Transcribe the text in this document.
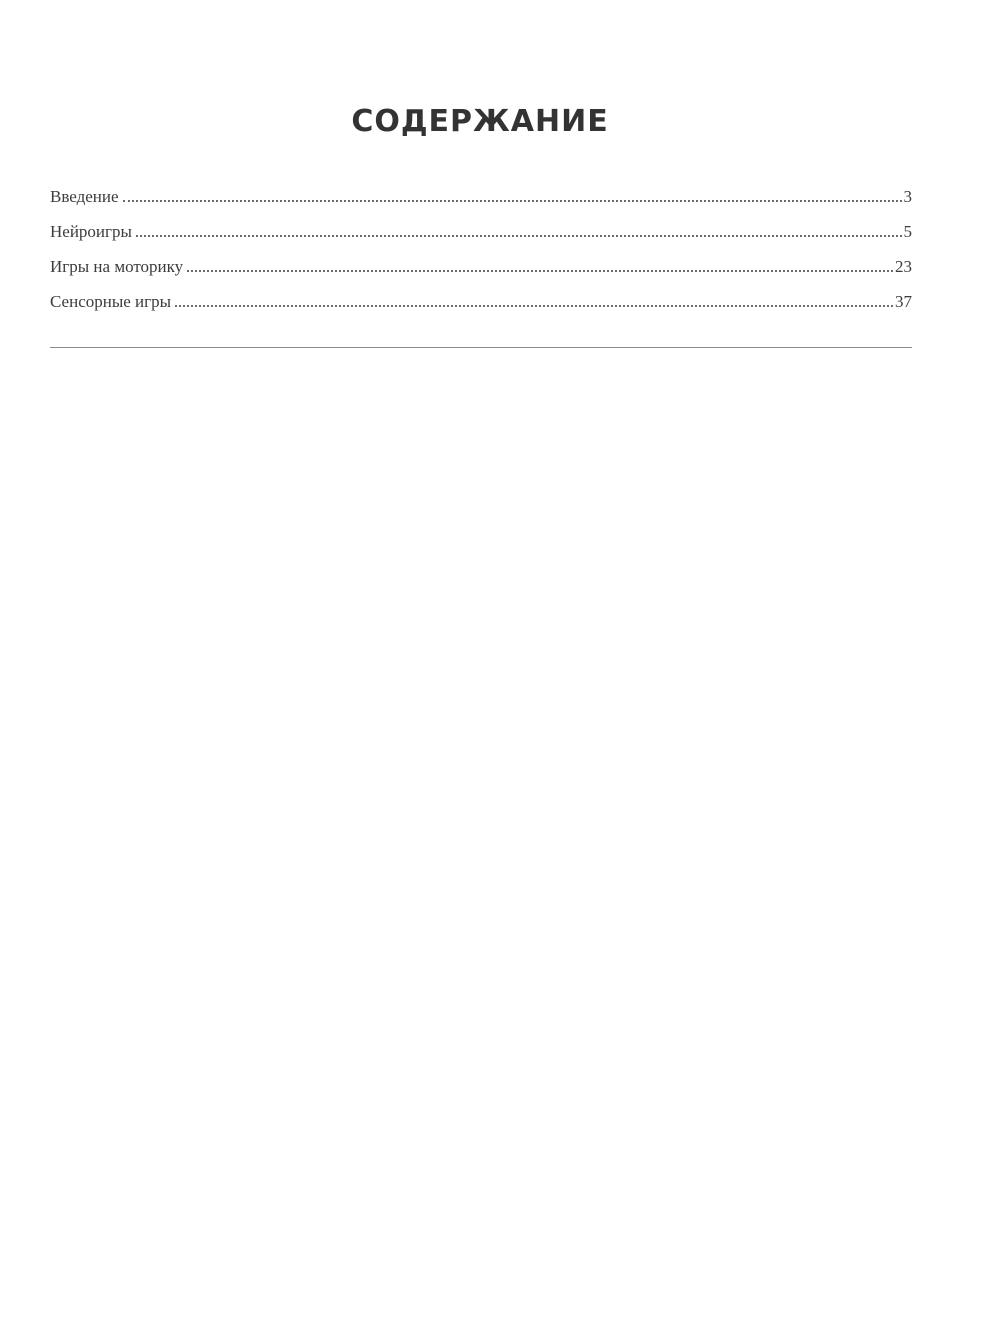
СОДЕРЖАНИЕ
Введение	3
Нейроигры	5
Игры на моторику	23
Сенсорные игры	37
